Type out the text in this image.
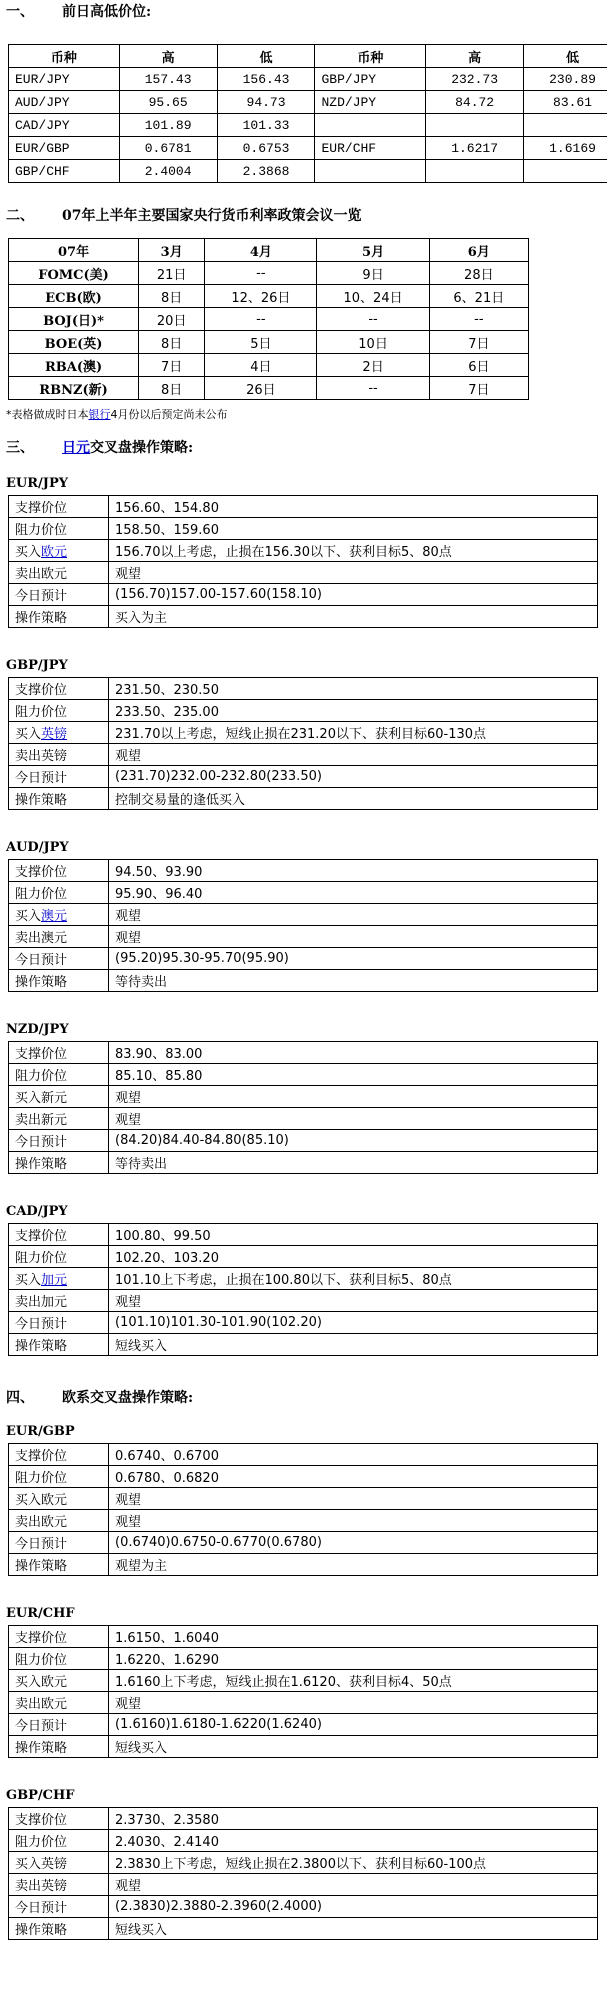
一、	前日高低价位:
币种	高	低	币种	高	低
EUR/JPY	157.43	156.43	GBP/JPY	232.73	230.89
AUD/JPY	95.65	94.73	NZD/JPY	84.72	83.61
CAD/JPY	101.89	101.33			
EUR/GBP	0.6781	0.6753	EUR/CHF	1.6217	1.6169
GBP/CHF	2.4004	2.3868			
二、	07年上半年主要国家央行货币利率政策会议一览
07年	3月	4月	5月	6月
FOMC(美)	21日	--	9日	28日
ECB(欧)	8日	12、26日	10、24日	6、21日
BOJ(日)*	20日	--	--	--
BOE(英)	8日	5日	10日	7日
RBA(澳)	7日	4日	2日	6日
RBNZ(新)	8日	26日	--	7日

*表格做成时日本银行4月份以后预定尚未公布

三、	日元 交叉盘操作策略:
EUR/JPY
支撑价位	156.60、154.80
阻力价位	158.50、159.60
买入欧元	156.70以上考虑，止损在156.30以下、获利目标5、80点
卖出欧元	观望
今日预计	(156.70)157.00-157.60(158.10)
操作策略	买入为主
GBP/JPY
支撑价位	231.50、230.50
阻力价位	233.50、235.00
买入英镑	231.70以上考虑，短线止损在231.20以下、获利目标60-130点
卖出英镑	观望
今日预计	(231.70)232.00-232.80(233.50)
操作策略	控制交易量的逢低买入
AUD/JPY
支撑价位	94.50、93.90
阻力价位	95.90、96.40
买入澳元	观望
卖出澳元	观望
今日预计	(95.20)95.30-95.70(95.90)
操作策略	等待卖出
NZD/JPY
支撑价位	83.90、83.00
阻力价位	85.10、85.80
买入新元	观望
卖出新元	观望
今日预计	(84.20)84.40-84.80(85.10)
操作策略	等待卖出
CAD/JPY
支撑价位	100.80、99.50
阻力价位	102.20、103.20
买入加元	101.10上下考虑，止损在100.80以下、获利目标5、80点
卖出加元	观望
今日预计	(101.10)101.30-101.90(102.20)
操作策略	短线买入
四、	欧系交叉盘操作策略:
EUR/GBP
支撑价位	0.6740、0.6700
阻力价位	0.6780、0.6820
买入欧元	观望
卖出欧元	观望
今日预计	(0.6740)0.6750-0.6770(0.6780)
操作策略	观望为主
EUR/CHF
支撑价位	1.6150、1.6040
阻力价位	1.6220、1.6290
买入欧元	1.6160上下考虑，短线止损在1.6120、获利目标4、50点
卖出欧元	观望
今日预计	(1.6160)1.6180-1.6220(1.6240)
操作策略	短线买入
GBP/CHF
支撑价位	2.3730、2.3580
阻力价位	2.4030、2.4140
买入英镑	2.3830上下考虑，短线止损在2.3800以下、获利目标60-100点
卖出英镑	观望
今日预计	(2.3830)2.3880-2.3960(2.4000)
操作策略	短线买入
